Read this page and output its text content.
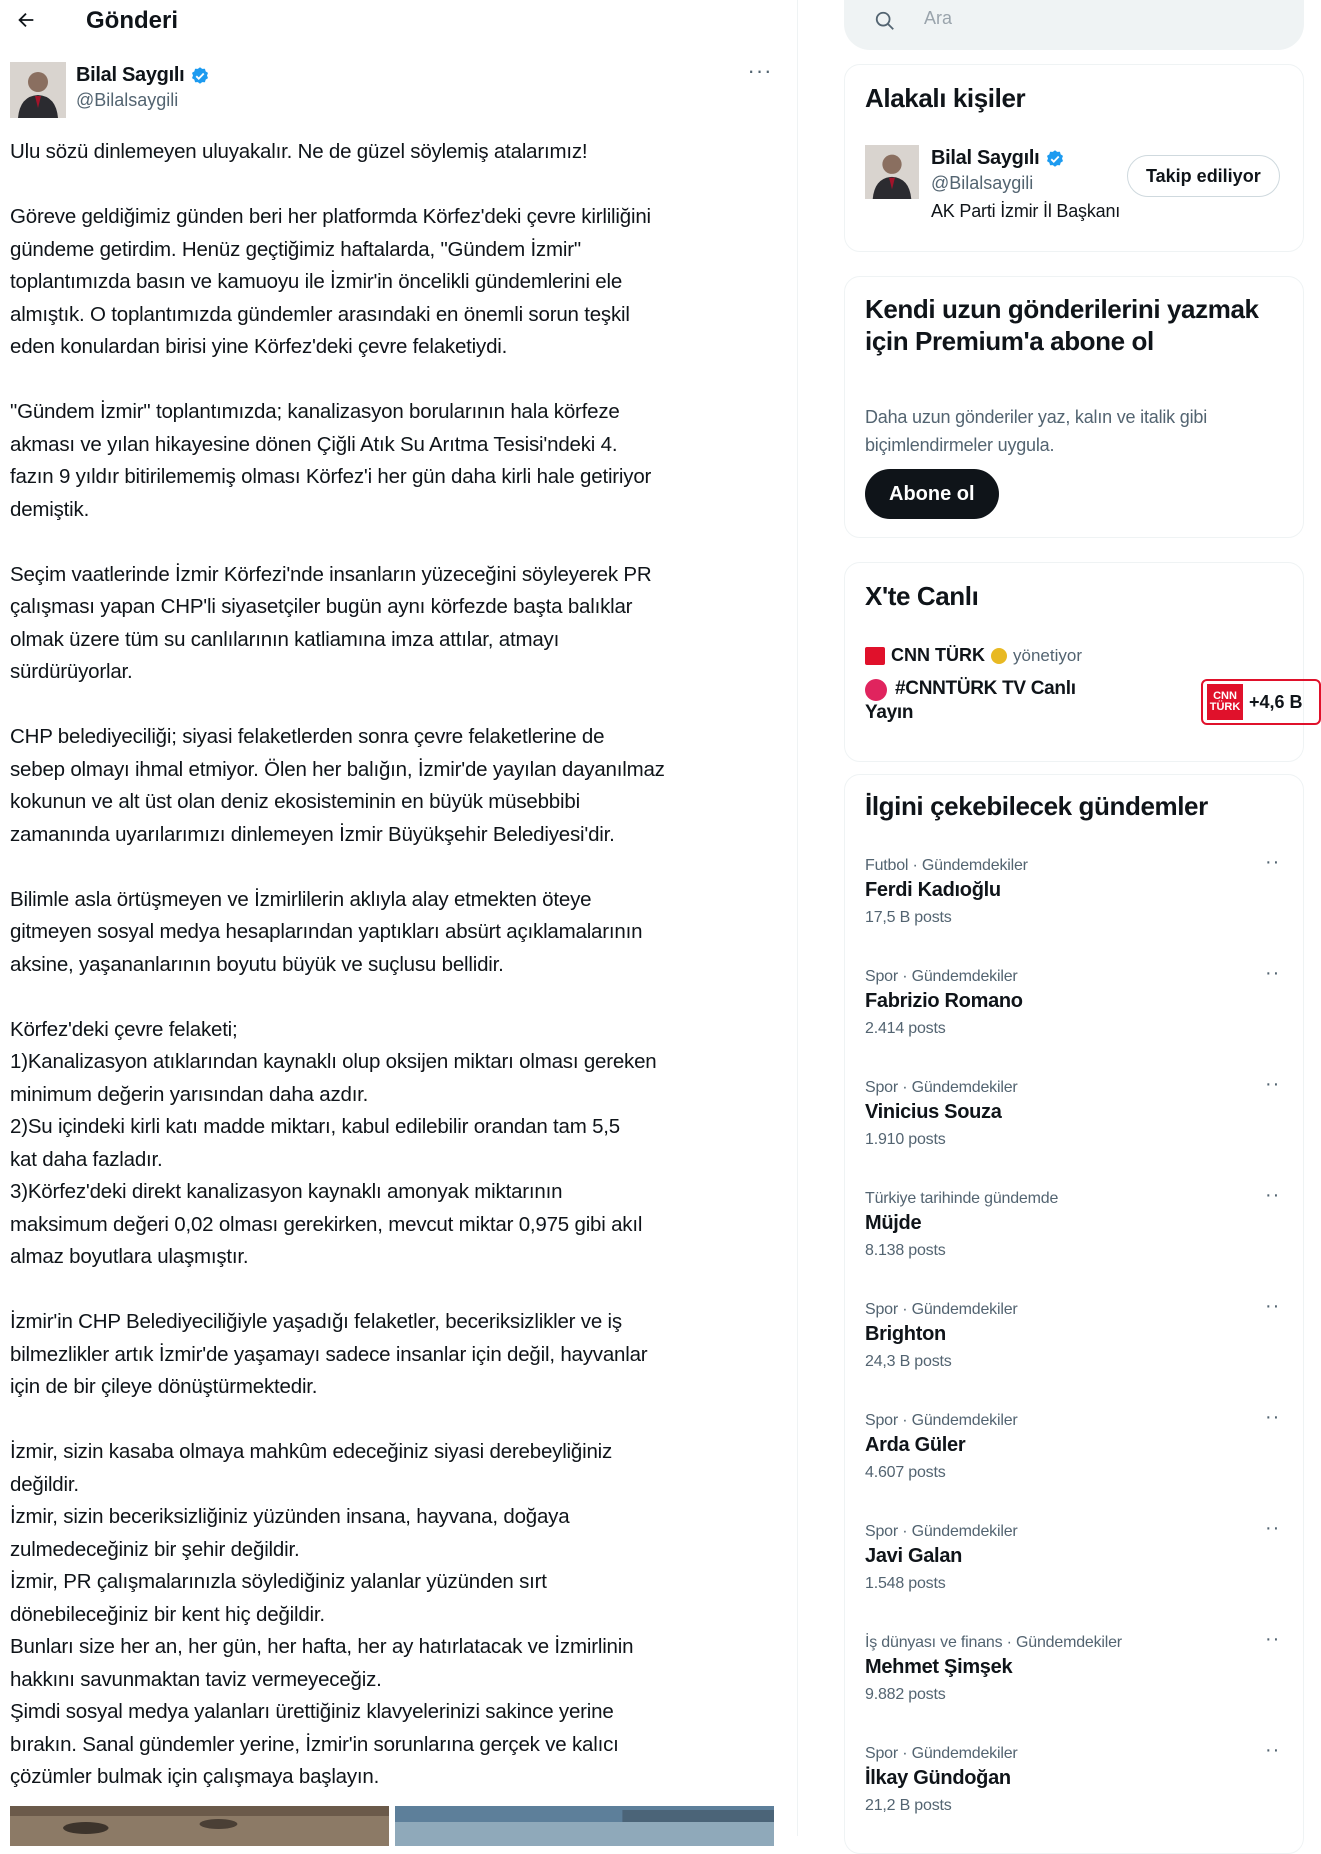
Gönderi
Bilal Saygılı
@Bilalsaygili
···

Ulu sözü dinlemeyen uluyakalır. Ne de güzel söylemiş atalarımız!

Göreve geldiğimiz günden beri her platformda Körfez'deki çevre kirliliğini
gündeme getirdim. Henüz geçtiğimiz haftalarda, "Gündem İzmir"
toplantımızda basın ve kamuoyu ile İzmir'in öncelikli gündemlerini ele
almıştık. O toplantımızda gündemler arasındaki en önemli sorun teşkil
eden konulardan birisi yine Körfez'deki çevre felaketiydi.

"Gündem İzmir" toplantımızda; kanalizasyon borularının hala körfeze
akması ve yılan hikayesine dönen Çiğli Atık Su Arıtma Tesisi'ndeki 4.
fazın 9 yıldır bitirilememiş olması Körfez'i her gün daha kirli hale getiriyor
demiştik.

Seçim vaatlerinde İzmir Körfezi'nde insanların yüzeceğini söyleyerek PR
çalışması yapan CHP'li siyasetçiler bugün aynı körfezde başta balıklar
olmak üzere tüm su canlılarının katliamına imza attılar, atmayı
sürdürüyorlar.

CHP belediyeciliği; siyasi felaketlerden sonra çevre felaketlerine de
sebep olmayı ihmal etmiyor. Ölen her balığın, İzmir'de yayılan dayanılmaz
kokunun ve alt üst olan deniz ekosisteminin en büyük müsebbibi
zamanında uyarılarımızı dinlemeyen İzmir Büyükşehir Belediyesi'dir.

Bilimle asla örtüşmeyen ve İzmirlilerin aklıyla alay etmekten öteye
gitmeyen sosyal medya hesaplarından yaptıkları absürt açıklamalarının
aksine, yaşananlarının boyutu büyük ve suçlusu bellidir.

Körfez'deki çevre felaketi;
1)Kanalizasyon atıklarından kaynaklı olup oksijen miktarı olması gereken
minimum değerin yarısından daha azdır.
2)Su içindeki kirli katı madde miktarı, kabul edilebilir orandan tam 5,5
kat daha fazladır.
3)Körfez'deki direkt kanalizasyon kaynaklı amonyak miktarının
maksimum değeri 0,02 olması gerekirken, mevcut miktar 0,975 gibi akıl
almaz boyutlara ulaşmıştır.

İzmir'in CHP Belediyeciliğiyle yaşadığı felaketler, beceriksizlikler ve iş
bilmezlikler artık İzmir'de yaşamayı sadece insanlar için değil, hayvanlar
için de bir çileye dönüştürmektedir.

İzmir, sizin kasaba olmaya mahkûm edeceğiniz siyasi derebeyliğiniz
değildir.
İzmir, sizin beceriksizliğiniz yüzünden insana, hayvana, doğaya
zulmedeceğiniz bir şehir değildir.
İzmir, PR çalışmalarınızla söylediğiniz yalanlar yüzünden sırt
dönebileceğiniz bir kent hiç değildir.
Bunları size her an, her gün, her hafta, her ay hatırlatacak ve İzmirlinin
hakkını savunmaktan taviz vermeyeceğiz.
Şimdi sosyal medya yalanları ürettiğiniz klavyelerinizi sakince yerine
bırakın. Sanal gündemler yerine, İzmir'in sorunlarına gerçek ve kalıcı
çözümler bulmak için çalışmaya başlayın.

Ara
Alakalı kişiler
Bilal Saygılı
@Bilalsaygili
AK Parti İzmir İl Başkanı
Takip ediliyor
Kendi uzun gönderilerini yazmak için Premium'a abone ol
Daha uzun gönderiler yaz, kalın ve italik gibi biçimlendirmeler uygula.
Abone ol
X'te Canlı
CNN TÜRK yönetiyor
#CNNTÜRK TV Canlı
Yayın
CNN TÜRK +4,6 B
İlgini çekebilecek gündemler
Futbol · Gündemdekiler
Ferdi Kadıoğlu
17,5 B posts
··
Spor · Gündemdekiler
Fabrizio Romano
2.414 posts
··
Spor · Gündemdekiler
Vinicius Souza
1.910 posts
··
Türkiye tarihinde gündemde
Müjde
8.138 posts
··
Spor · Gündemdekiler
Brighton
24,3 B posts
··
Spor · Gündemdekiler
Arda Güler
4.607 posts
··
Spor · Gündemdekiler
Javi Galan
1.548 posts
··
İş dünyası ve finans · Gündemdekiler
Mehmet Şimşek
9.882 posts
··
Spor · Gündemdekiler
İlkay Gündoğan
21,2 B posts
··
